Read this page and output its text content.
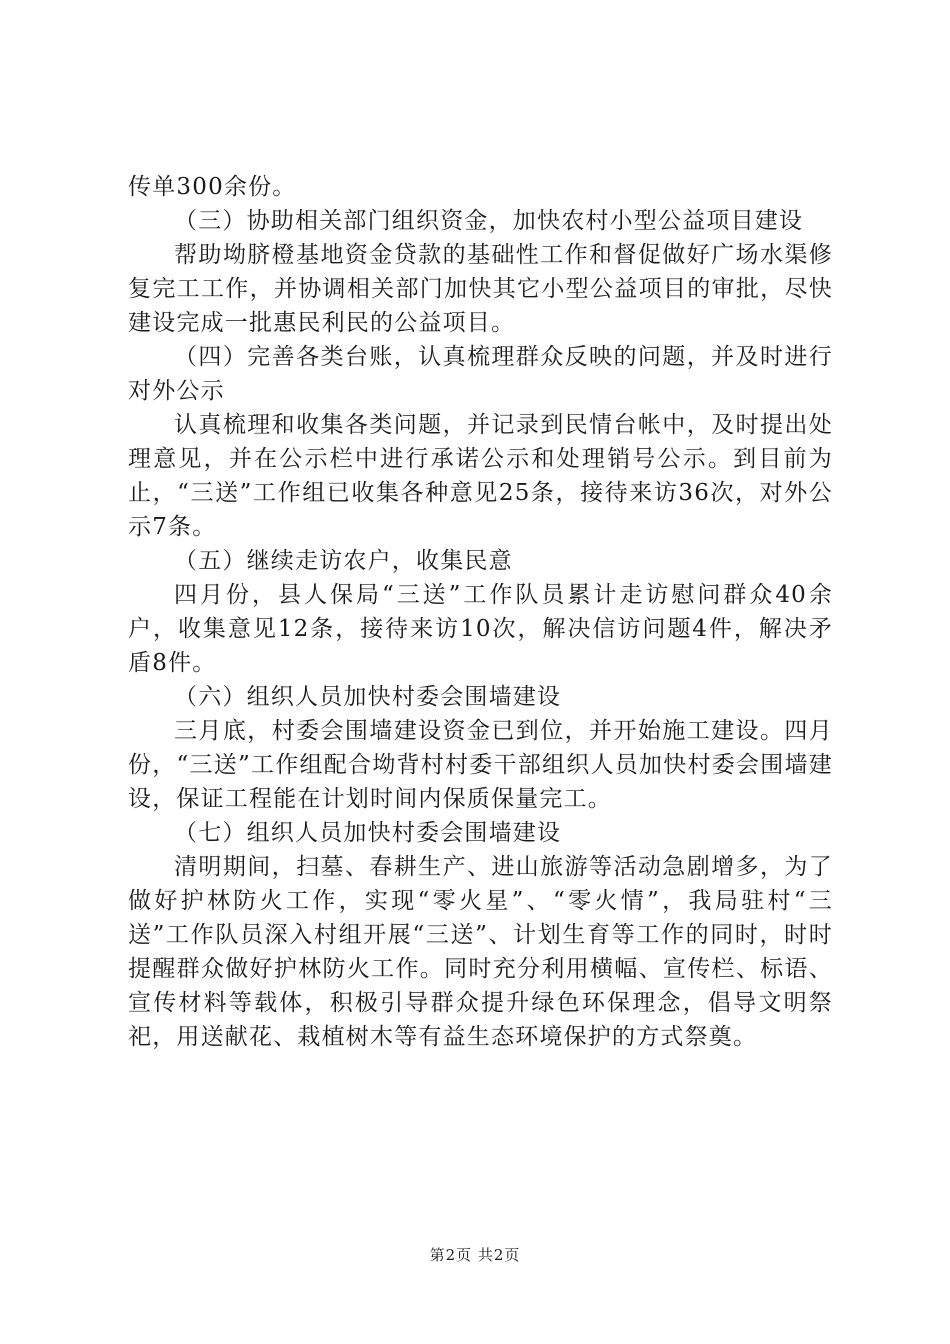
传单300余份。

（三）协助相关部门组织资金，加快农村小型公益项目建设

帮助坳脐橙基地资金贷款的基础性工作和督促做好广场水渠修复完工工作，并协调相关部门加快其它小型公益项目的审批，尽快建设完成一批惠民利民的公益项目。

（四）完善各类台账，认真梳理群众反映的问题，并及时进行对外公示

认真梳理和收集各类问题，并记录到民情台帐中，及时提出处理意见，并在公示栏中进行承诺公示和处理销号公示。到目前为止，“三送”工作组已收集各种意见25条，接待来访36次，对外公示7条。

（五）继续走访农户，收集民意

四月份，县人保局“三送”工作队员累计走访慰问群众40余户，收集意见12条，接待来访10次，解决信访问题4件，解决矛盾8件。

（六）组织人员加快村委会围墙建设

三月底，村委会围墙建设资金已到位，并开始施工建设。四月份，“三送”工作组配合坳背村村委干部组织人员加快村委会围墙建设，保证工程能在计划时间内保质保量完工。

（七）组织人员加快村委会围墙建设

清明期间，扫墓、春耕生产、进山旅游等活动急剧增多，为了做好护林防火工作，实现“零火星”、“零火情”，我局驻村“三送”工作队员深入村组开展“三送”、计划生育等工作的同时，时时提醒群众做好护林防火工作。同时充分利用横幅、宣传栏、标语、宣传材料等载体，积极引导群众提升绿色环保理念，倡导文明祭祀，用送献花、栽植树木等有益生态环境保护的方式祭奠。

第2页 共2页
